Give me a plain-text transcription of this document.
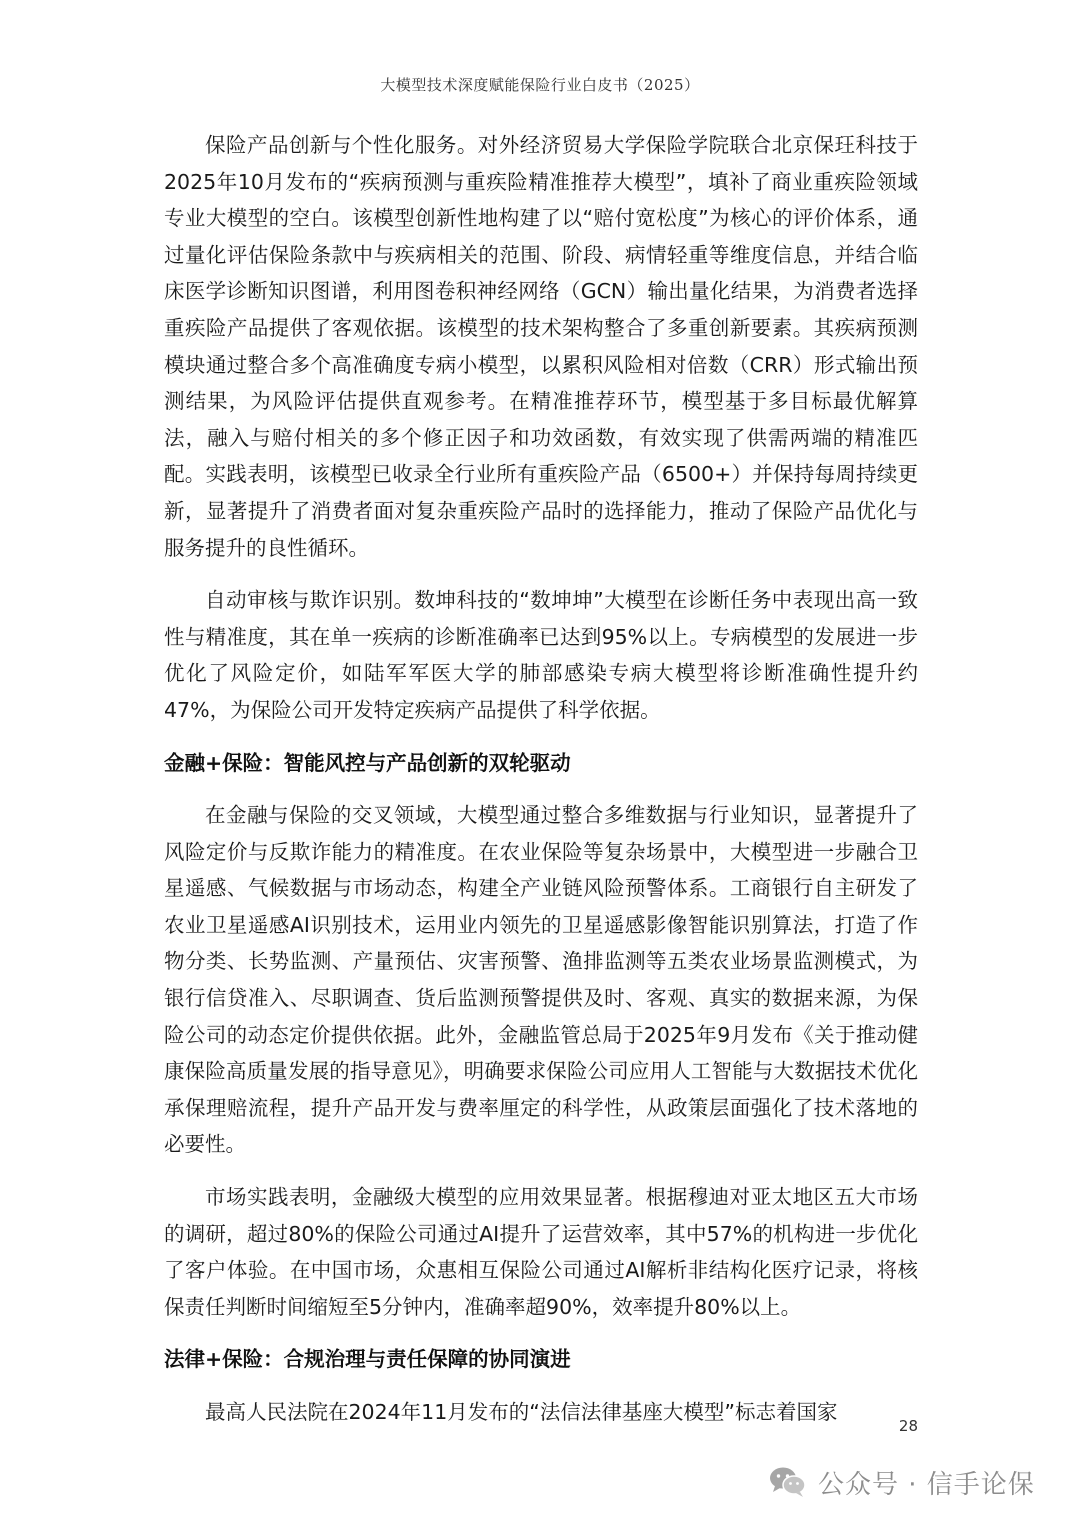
大模型技术深度赋能保险行业白皮书（2025）

保险产品创新与个性化服务。对外经济贸易大学保险学院联合北京保玨科技于2025年10月发布的“疾病预测与重疾险精准推荐大模型”，填补了商业重疾险领域专业大模型的空白。该模型创新性地构建了以“赔付宽松度”为核心的评价体系，通过量化评估保险条款中与疾病相关的范围、阶段、病情轻重等维度信息，并结合临床医学诊断知识图谱，利用图卷积神经网络（GCN）输出量化结果，为消费者选择重疾险产品提供了客观依据。该模型的技术架构整合了多重创新要素。其疾病预测模块通过整合多个高准确度专病小模型，以累积风险相对倍数（CRR）形式输出预测结果，为风险评估提供直观参考。在精准推荐环节，模型基于多目标最优解算法，融入与赔付相关的多个修正因子和功效函数，有效实现了供需两端的精准匹配。实践表明，该模型已收录全行业所有重疾险产品（6500+）并保持每周持续更新，显著提升了消费者面对复杂重疾险产品时的选择能力，推动了保险产品优化与服务提升的良性循环。

自动审核与欺诈识别。数坤科技的“数坤坤”大模型在诊断任务中表现出高一致性与精准度，其在单一疾病的诊断准确率已达到95%以上。专病模型的发展进一步优化了风险定价，如陆军军医大学的肺部感染专病大模型将诊断准确性提升约47%，为保险公司开发特定疾病产品提供了科学依据。

金融+保险：智能风控与产品创新的双轮驱动

在金融与保险的交叉领域，大模型通过整合多维数据与行业知识，显著提升了风险定价与反欺诈能力的精准度。在农业保险等复杂场景中，大模型进一步融合卫星遥感、气候数据与市场动态，构建全产业链风险预警体系。工商银行自主研发了农业卫星遥感AI识别技术，运用业内领先的卫星遥感影像智能识别算法，打造了作物分类、长势监测、产量预估、灾害预警、渔排监测等五类农业场景监测模式，为银行信贷准入、尽职调查、货后监测预警提供及时、客观、真实的数据来源，为保险公司的动态定价提供依据。此外，金融监管总局于2025年9月发布《关于推动健康保险高质量发展的指导意见》，明确要求保险公司应用人工智能与大数据技术优化承保理赔流程，提升产品开发与费率厘定的科学性，从政策层面强化了技术落地的必要性。

市场实践表明，金融级大模型的应用效果显著。根据穆迪对亚太地区五大市场的调研，超过80%的保险公司通过AI提升了运营效率，其中57%的机构进一步优化了客户体验。在中国市场，众惠相互保险公司通过AI解析非结构化医疗记录，将核保责任判断时间缩短至5分钟内，准确率超90%，效率提升80%以上。

法律+保险：合规治理与责任保障的协同演进

最高人民法院在2024年11月发布的“法信法律基座大模型”标志着国家

28
公众号 · 信手论保
